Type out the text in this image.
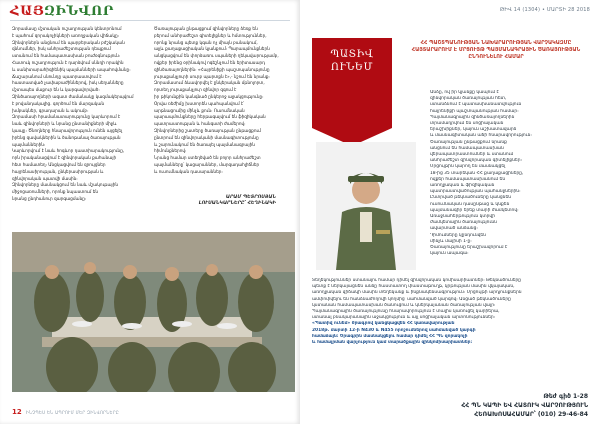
ՀԱՅԶԻՆՎՈՐ
Զորամասը մշտական ուշադրության կենտրոնում
է պահում զորակոչիկների առողջական վիճակը։
Զինվորներն անցնում են պարբերական բժշկական
զննումներ, իսկ անհրաժեշտության դեպքում
ստանում են համապատասխան բուժօգնություն։
Հատուկ ուշադրություն է դարձվում սննդի որակին
և սանիտարահիգիենիկ պայմանների ապահովմանը։
Ճաշարանում սնունդը պատրաստվում է
հաստատված չափաբաժիններով, իսկ սեղանները
մշտապես մաքուր են և կարգավորված։
Զինծառայողների ազատ ժամանակը կազմակերպվում
է բովանդակալից. գործում են մարզական
խմբակներ, գրադարան և ակումբ։
Զորամասի հրամանատարությունը կարևորում է
նաև զինվորների և նրանց ընտանիքների միջև
կապը։ Ծնողները հնարավորություն ունեն այցելել
իրենց զավակներին և ծանոթանալ ծառայության
պայմաններին։
Կարևորվում է նաև հոգևոր դաստիարակությունը,
որն իրականացվում է զինվորական քահանայի
հետ համատեղ։ Անցկացվում են զրույցներ
հայրենասիրության, ընկերասիրության և
զինվորական պատվի մասին։
Զինվորները մասնակցում են նաև մշակութային
միջոցառումների, որոնք նպաստում են
նրանց ընդհանուր զարգացմանը։
Ծառայության ընթացքում զինվորները ձեռք են
բերում անհրաժեշտ գիտելիքներ և հմտություններ,
որոնք նրանց պետք կգան ոչ միայն բանակում,
այլև քաղաքացիական կյանքում։ Պարապմունքներն
անցկացվում են փորձառու սպաների ղեկավարությամբ,
ովքեր իրենց օրինակով ոգեշնչում են երիտասարդ
զինծառայողներին։ «Հայրենիքի պաշտպանությունը
յուրաքանչյուրի սուրբ պարտքն է»,- նշում են նրանք։
Զորամասում ձևավորվել է ընկերական մթնոլորտ,
որտեղ յուրաքանչյուր զինվոր զգում է
իր թիկունքին կանգնած ընկերոջ աջակցությունը։
Օրվա ռեժիմը խստորեն պահպանվում է՝
արթնացումից մինչև քուն։ Ուսումնական
պարապմունքները հերթագայվում են ֆիզիկական
պատրաստության և հանգստի ժամերով։
Զինվորներից շատերը ծառայության ընթացքում
ընտրում են զինվորականի մասնագիտությունը
և շարունակում են ծառայել պայմանագրային
հիմունքներով։
Նրանց համար ստեղծված են բոլոր անհրաժեշտ
պայմանները՝ կացարաններ, մարզադահլիճներ
և ուսումնական դասարաններ։
ԱՐԱՄ ՊԵՏՐՈՍՅԱՆ
ԼՈՒՍԱՆԿԱՐՆԵՐԸ՝ ՀԵՂԻՆԱԿԻ
12 ԻՆՉՊԵՍ ԵՆ ԱՊՐՈՒՄ ՄԵՐ ԶԻՆՎՈՐՆԵՐԸ
ԹԻՎ 14 (1304) • ՄԱՐՏԻ 28 2018
ՊԱՏԻՎ
ՈՒՆԵՄ
ՀՀ ՊԱՇՏՊԱՆՈՒԹՅԱՆ ՆԱԽԱՐԱՐՈՒԹՅԱՆ ՎԱՐՉԱԿԱԶՄԸ ՀԱՅՏԱՐԱՐՈՒՄ Է ՄՐՑՈՒՅԹ ՊԱՅՄԱՆԱԳՐԱՅԻՆ ԾԱՌԱՅՈՒԹՅԱՆ ԸՆԴՈՒՆԵԼՈՒ ՀԱՄԱՐ
Անձը, ով իր կյանքը կապում է
զինվորական ծառայության հետ,
ստանձնում է պատասխանատվություն
հայրենիքի պաշտպանության համար։
Պայմանագրային զինծառայողներին
տրամադրվում են սոցիալական
երաշխիքներ, կայուն աշխատավարձ
և մասնագիտական աճի հնարավորություն։
Ծառայության ընթացքում նրանք
անցնում են համապատասխան
վերապատրաստումներ և ստանում
անհրաժեշտ զինվորական գիտելիքներ։
Մրցույթին կարող են մասնակցել
18-ից 35 տարեկան ՀՀ քաղաքացիները,
ովքեր համապատասխանում են
առողջական և ֆիզիկական
պատրաստվածության պահանջներին։
Ընտրված թեկնածուները կանցնեն
ուսումնական դասընթաց և կնքեն
պայմանագիր երեք տարի ժամկետով։
Առաջնահերթություն կտրվի
ժամկետային ծառայությունն
ավարտած անձանց։
Դիմումները կընդունվեն
մինչև մայիսի 1-ը։
Ծառայությունը երաշխավորում է
կայուն ապագա։
Տեղեկություններ ստանալու համար դիմել զինվորական կոմիսարիատներ։ Թեկնածուները
պետք է ներկայացնեն անձը հաստատող փաստաթուղթ, կրթության մասին վկայական,
առողջական վիճակի մասին տեղեկանք և ինքնակենսագրություն։ Մրցույթի արդյունքներն
ամփոփվելու են հանձնաժողովի կողմից՝ սահմանված կարգով։ Անցած թեկնածուները
կստանան համապատասխան ծանուցում և կներկայանան ծառայության վայր։
Պայմանագրային ծառայությունը հնարավորություն է տալիս կառուցել կարիերա,
ստանալ բնակարանային աջակցություն և այլ սոցիալական արտոնություններ։
«Պատիվ ունեմ» ծրագրով կանցկացվեն ՀՀ կառավարության
2018թ. մարտի 12-ի N430 և N455 որոշումներով սահմանված կարգի
համաձայն։ Ծրագրին մասնակցելու համար դիմել ՀՀ ՊՆ զորակոչի
և համալրման վարչություն կամ տարածքային զինկոմիսարիատներ։
Թեժ գիծ 1-28
ՀՀ ՊՆ ԿԱՊԻ ԵՎ ՀԱՏՈՒԿ ՎԱՐՉՈՒԹՅՈՒՆ
ՀԵՌԱԽՈՍԱՀԱՄԱՐ՝ (010) 29-46-84
